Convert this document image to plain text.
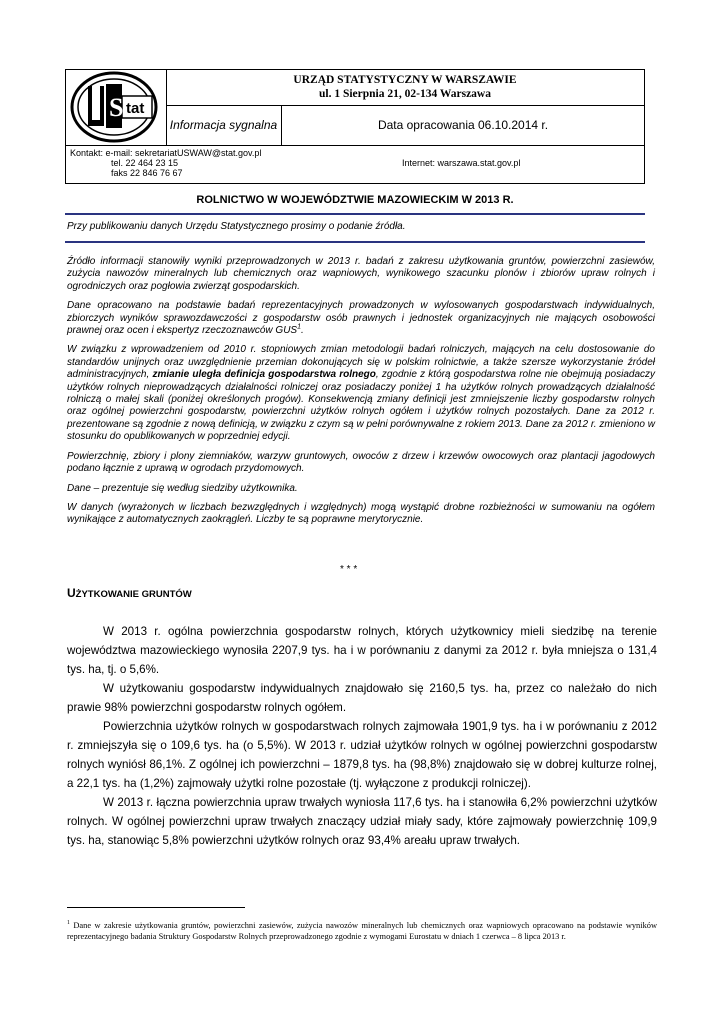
tat
S
URZĄD STATYSTYCZNY W WARSZAWIE
ul. 1 Sierpnia 21, 02-134 Warszawa
Informacja sygnalna	Data opracowania 06.10.2014 r.
Kontakt: e-mail: sekretariatUSWAW@stat.gov.pl
tel. 22 464 23 15
faks 22 846 76 67
Internet: warszawa.stat.gov.pl
ROLNICTWO W WOJEWÓDZTWIE MAZOWIECKIM W 2013 R.
Przy publikowaniu danych Urzędu Statystycznego prosimy o podanie źródła.

Źródło informacji stanowiły wyniki przeprowadzonych w 2013 r. badań z zakresu użytkowania gruntów, powierzchni zasiewów, zużycia nawozów mineralnych lub chemicznych oraz wapniowych, wynikowego szacunku plonów i zbiorów upraw rolnych i ogrodniczych oraz pogłowia zwierząt gospodarskich.

Dane opracowano na podstawie badań reprezentacyjnych prowadzonych w wylosowanych gospodarstwach indywidualnych, zbiorczych wyników sprawozdawczości z gospodarstw osób prawnych i jednostek organizacyjnych nie mających osobowości prawnej oraz ocen i ekspertyz rzeczoznawców GUS$^1$.

W związku z wprowadzeniem od 2010 r. stopniowych zmian metodologii badań rolniczych, mających na celu dostosowanie do standardów unijnych oraz uwzględnienie przemian dokonujących się w polskim rolnictwie, a także szersze wykorzystanie źródeł administracyjnych, zmianie uległa definicja gospodarstwa rolnego, zgodnie z którą gospodarstwa rolne nie obejmują posiadaczy użytków rolnych nieprowadzących działalności rolniczej oraz posiadaczy poniżej 1 ha użytków rolnych prowadzących działalność rolniczą o małej skali (poniżej określonych progów). Konsekwencją zmiany definicji jest zmniejszenie liczby gospodarstw rolnych oraz ogólnej powierzchni gospodarstw, powierzchni użytków rolnych ogółem i użytków rolnych pozostałych. Dane za 2012 r. prezentowane są zgodnie z nową definicją, w związku z czym są w pełni porównywalne z rokiem 2013. Dane za 2012 r. zmieniono w stosunku do opublikowanych w poprzedniej edycji.

Powierzchnię, zbiory i plony ziemniaków, warzyw gruntowych, owoców z drzew i krzewów owocowych oraz plantacji jagodowych podano łącznie z uprawą w ogrodach przydomowych.

Dane – prezentuje się według siedziby użytkownika.

W danych (wyrażonych w liczbach bezwzględnych i względnych) mogą wystąpić drobne rozbieżności w sumowaniu na ogółem wynikające z automatycznych zaokrągleń. Liczby te są poprawne merytorycznie.

* * *
UŻYTKOWANIE GRUNTÓW

W 2013 r. ogólna powierzchnia gospodarstw rolnych, których użytkownicy mieli siedzibę na terenie województwa mazowieckiego wynosiła 2207,9 tys. ha i w porównaniu z danymi za 2012 r. była mniejsza o 131,4 tys. ha, tj. o 5,6%.

W użytkowaniu gospodarstw indywidualnych znajdowało się 2160,5 tys. ha, przez co należało do nich prawie 98% powierzchni gospodarstw rolnych ogółem.

Powierzchnia użytków rolnych w gospodarstwach rolnych zajmowała 1901,9 tys. ha i w porównaniu z 2012 r. zmniejszyła się o 109,6 tys. ha (o 5,5%). W 2013 r. udział użytków rolnych w ogólnej powierzchni gospodarstw rolnych wyniósł 86,1%. Z ogólnej ich powierzchni – 1879,8 tys. ha (98,8%) znajdowało się w dobrej kulturze rolnej, a 22,1 tys. ha (1,2%) zajmowały użytki rolne pozostałe (tj. wyłączone z produkcji rolniczej).

W 2013 r. łączna powierzchnia upraw trwałych wyniosła 117,6 tys. ha i stanowiła 6,2% powierzchni użytków rolnych. W ogólnej powierzchni upraw trwałych znaczący udział miały sady, które zajmowały powierzchnię 109,9 tys. ha, stanowiąc 5,8% powierzchni użytków rolnych oraz 93,4% areału upraw trwałych.

$^1$ Dane w zakresie użytkowania gruntów, powierzchni zasiewów, zużycia nawozów mineralnych lub chemicznych oraz wapniowych opracowano na podstawie wyników reprezentacyjnego badania Struktury Gospodarstw Rolnych przeprowadzonego zgodnie z wymogami Eurostatu w dniach 1 czerwca – 8 lipca 2013 r.
